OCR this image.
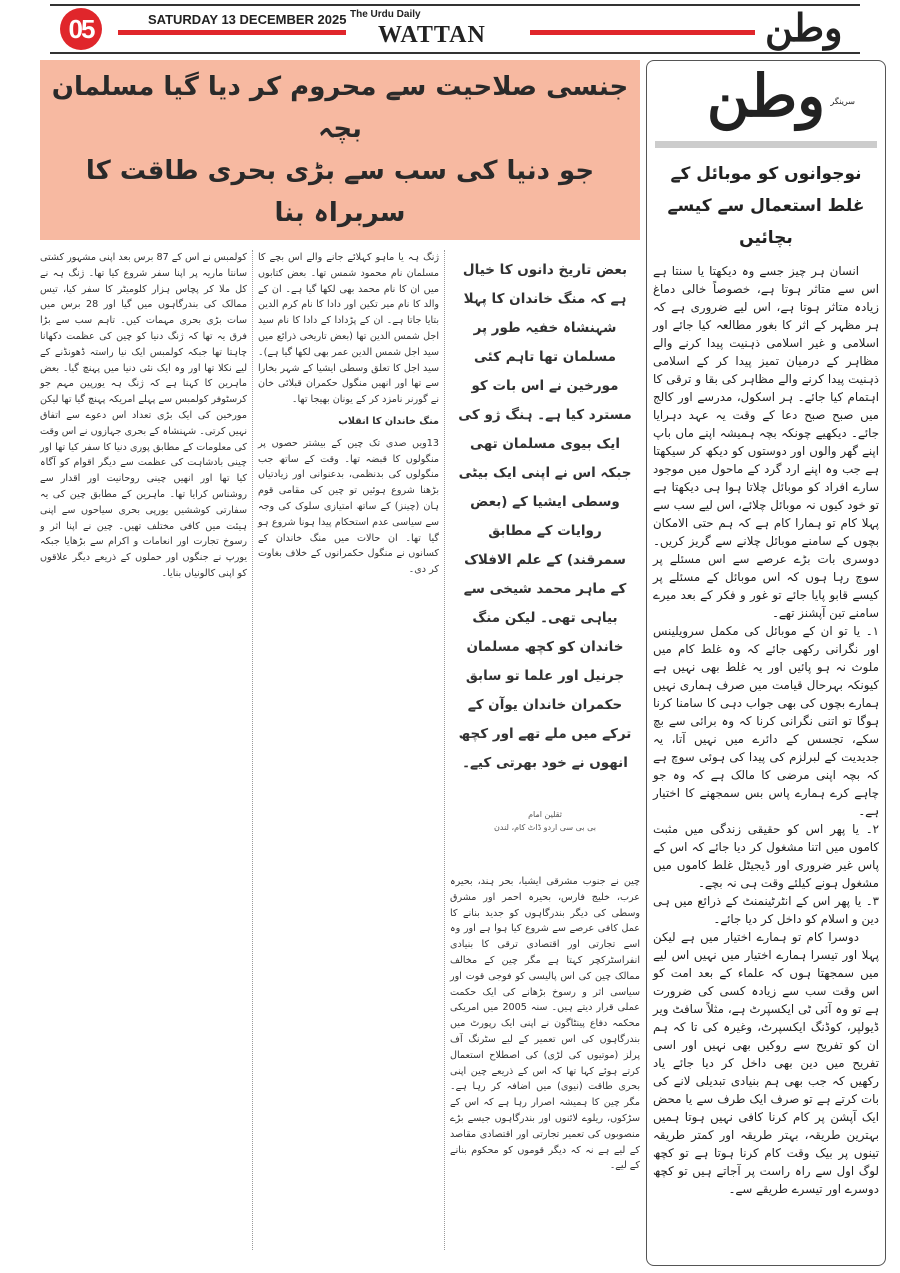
05	SATURDAY 13 DECEMBER 2025 The Urdu Daily
WATTAN	وطن
جنسی صلاحیت سے محروم کر دیا گیا مسلمان بچہ
جو دنیا کی سب سے بڑی بحری طاقت کا سربراہ بنا
بعض تاریخ دانوں کا خیال ہے کہ منگ خاندان کا پہلا شہنشاہ خفیہ طور پر مسلمان تھا تاہم کئی مورخین نے اس بات کو مسترد کیا ہے۔ ہنگ ژو کی ایک بیوی مسلمان تھی جبکہ اس نے اپنی ایک بیٹی وسطی ایشیا کے (بعض روایات کے مطابق سمرقند) کے علم الافلاک کے ماہر محمد شیخی سے بیاہی تھی۔ لیکن منگ خاندان کو کچھ مسلمان جرنیل اور علما تو سابق حکمران خاندان یوآن کے ترکے میں ملے تھے اور کچھ انھوں نے خود بھرتی کیے۔
ثقلین امام
بی بی سی اردو ڈاٹ کام، لندن

چین نے جنوب مشرقی ایشیا، بحر ہند، بحیرہ عرب، خلیج فارس، بحیرہ احمر اور مشرق وسطی کی دیگر بندرگاہوں کو جدید بنانے کا عمل کافی عرصے سے شروع کیا ہوا ہے اور وہ اسے تجارتی اور اقتصادی ترقی کا بنیادی انفراسٹرکچر کہتا ہے مگر چین کے مخالف ممالک چین کی اس پالیسی کو فوجی قوت اور سیاسی اثر و رسوخ بڑھانے کی ایک حکمت عملی قرار دیتے ہیں۔ سنہ 2005 میں امریکی محکمہ دفاع پینٹاگون نے اپنی ایک رپورٹ میں بندرگاہوں کی اس تعمیر کے لیے سٹرنگ آف پرلز (موتیوں کی لڑی) کی اصطلاح استعمال کرتے ہوئے کہا تھا کہ اس کے ذریعے چین اپنی بحری طاقت (نیوی) میں اضافہ کر رہا ہے۔ مگر چین کا ہمیشہ اصرار رہا ہے کہ اس کے سڑکوں، ریلوے لائنوں اور بندرگاہوں جیسے بڑے منصوبوں کی تعمیر تجارتی اور اقتصادی مقاصد کے لیے ہے نہ کہ دیگر قوموں کو محکوم بنانے کے لیے۔

ژنگ ہہ یا ماہو کہلائے جانے والے اس بچے کا مسلمان نام محمود شمس تھا۔ بعض کتابوں میں ان کا نام محمد بھی لکھا گیا ہے۔ ان کے والد کا نام میر تکین اور دادا کا نام کرم الدین بتایا جاتا ہے۔ ان کے پڑدادا کے دادا کا نام سید اجل شمس الدین تھا (بعض تاریخی ذرائع میں سید اجل شمس الدین عمر بھی لکھا گیا ہے)۔ سید اجل کا تعلق وسطی ایشیا کے شہر بخارا سے تھا اور انھیں منگول حکمران قبلائی خان نے گورنر نامزد کر کے یونان بھیجا تھا۔

منگ خاندان کا انقلاب

13ویں صدی تک چین کے بیشتر حصوں پر منگولوں کا قبضہ تھا۔ وقت کے ساتھ جب منگولوں کی بدنظمی، بدعنوانی اور زیادتیاں بڑھنا شروع ہوئیں تو چین کی مقامی قوم ہان (چینز) کے ساتھ امتیازی سلوک کی وجہ سے سیاسی عدم استحکام پیدا ہونا شروع ہو گیا تھا۔ ان حالات میں منگ خاندان کے کسانوں نے منگول حکمرانوں کے خلاف بغاوت کر دی۔

کولمبس نے اس کے 87 برس بعد اپنی مشہور کشتی سانتا ماریہ پر اپنا سفر شروع کیا تھا۔ ژنگ ہہ نے کل ملا کر پچاس ہزار کلومیٹر کا سفر کیا، تیس ممالک کی بندرگاہوں میں گیا اور 28 برس میں سات بڑی بحری مہمات کیں۔ تاہم سب سے بڑا فرق یہ تھا کہ ژنگ دنیا کو چین کی عظمت دکھانا چاہتا تھا جبکہ کولمبس ایک نیا راستہ ڈھونڈنے کے لیے نکلا تھا اور وہ ایک نئی دنیا میں پہنچ گیا۔ بعض ماہرین کا کہنا ہے کہ ژنگ ہہ یورپین مہم جو کرسٹوفر کولمبس سے پہلے امریکہ پہنچ گیا تھا لیکن مورخین کی ایک بڑی تعداد اس دعوے سے اتفاق نہیں کرتی۔ شہنشاہ کے بحری جہازوں نے اس وقت کی معلومات کے مطابق پوری دنیا کا سفر کیا تھا اور چینی بادشاہت کی عظمت سے دیگر اقوام کو آگاہ کیا تھا اور انھیں چینی روحانیت اور اقدار سے روشناس کرایا تھا۔ ماہرین کے مطابق چین کی یہ سفارتی کوششیں یورپی بحری سیاحوں سے اپنی ہیئت میں کافی مختلف تھیں۔ چین نے اپنا اثر و رسوخ تجارت اور انعامات و اکرام سے بڑھایا جبکہ یورپ نے جنگوں اور حملوں کے ذریعے دیگر علاقوں کو اپنی کالونیاں بنایا۔

سرینگر
وطن
نوجوانوں کو موبائل کے
غلط استعمال سے کیسے بچائیں

انسان ہر چیز جسے وہ دیکھتا یا سنتا ہے اس سے متاثر ہوتا ہے، خصوصاً خالی دماغ زیادہ متاثر ہوتا ہے، اس لیے ضروری ہے کہ ہر مظہر کے اثر کا بغور مطالعہ کیا جائے اور اسلامی و غیر اسلامی ذہنیت پیدا کرنے والے مظاہر کے درمیان تمیز پیدا کر کے اسلامی ذہنیت پیدا کرنے والے مظاہر کی بقا و ترقی کا اہتمام کیا جائے۔ ہر اسکول، مدرسے اور کالج میں صبح صبح دعا کے وقت یہ عہد دہرایا جائے۔ دیکھیے چونکہ بچہ ہمیشہ اپنے ماں باپ اپنے گھر والوں اور دوستوں کو دیکھ کر سیکھتا ہے جب وہ اپنے ارد گرد کے ماحول میں موجود سارے افراد کو موبائل چلاتا ہوا ہی دیکھتا ہے تو خود کیوں نہ موبائل چلائے، اس لیے سب سے پہلا کام تو ہمارا کام ہے کہ ہم حتی الامکان بچوں کے سامنے موبائل چلانے سے گریز کریں۔ دوسری بات بڑے عرصے سے اس مسئلے پر سوچ رہا ہوں کہ اس موبائل کے مسئلے پر کیسے قابو پایا جائے تو غور و فکر کے بعد میرے سامنے تین آپشنز تھے۔

١۔ یا تو ان کے موبائل کی مکمل سرویلینس اور نگرانی رکھی جائے کہ وہ غلط کام میں ملوث نہ ہو پائیں اور یہ غلط بھی نہیں ہے کیونکہ بہرحال قیامت میں صرف ہماری نہیں ہمارے بچوں کی بھی جواب دہی کا سامنا کرنا ہوگا تو اتنی نگرانی کرنا کہ وہ برائی سے بچ سکے، تجسس کے دائرے میں نہیں آتا، یہ جدیدیت کے لبرلزم کی پیدا کی ہوئی سوچ ہے کہ بچہ اپنی مرضی کا مالک ہے کہ وہ جو چاہے کرے ہمارے پاس بس سمجھنے کا اختیار ہے۔

٢۔ یا پھر اس کو حقیقی زندگی میں مثبت کاموں میں اتنا مشغول کر دیا جائے کہ اس کے پاس غیر ضروری اور ڈیجیٹل غلط کاموں میں مشغول ہونے کیلئے وقت ہی نہ بچے۔

٣۔ یا پھر اس کے انٹرٹینمنٹ کے ذرائع میں ہی دین و اسلام کو داخل کر دیا جائے۔

دوسرا کام تو ہمارے اختیار میں ہے لیکن پہلا اور تیسرا ہمارے اختیار میں نہیں اس لیے میں سمجھتا ہوں کہ علماء کے بعد امت کو اس وقت سب سے زیادہ کسی کی ضرورت ہے تو وہ آئی ٹی ایکسپرٹ ہے، مثلاً سافٹ ویر ڈیولپر، کوڈنگ ایکسپرٹ، وغیرہ کی تا کہ ہم ان کو تفریح سے روکیں بھی نہیں اور اسی تفریح میں دین بھی داخل کر دیا جائے یاد رکھیں کہ جب بھی ہم بنیادی تبدیلی لانے کی بات کرتے ہے تو صرف ایک طرف سے یا محض ایک آپشن پر کام کرنا کافی نہیں ہوتا ہمیں بہترین طریقہ، بہتر طریقہ اور کمتر طریقہ تینوں پر بیک وقت کام کرنا ہوتا ہے تو کچھ لوگ اول سے راہ راست پر آجاتے ہیں تو کچھ دوسرے اور تیسرے طریقے سے۔
